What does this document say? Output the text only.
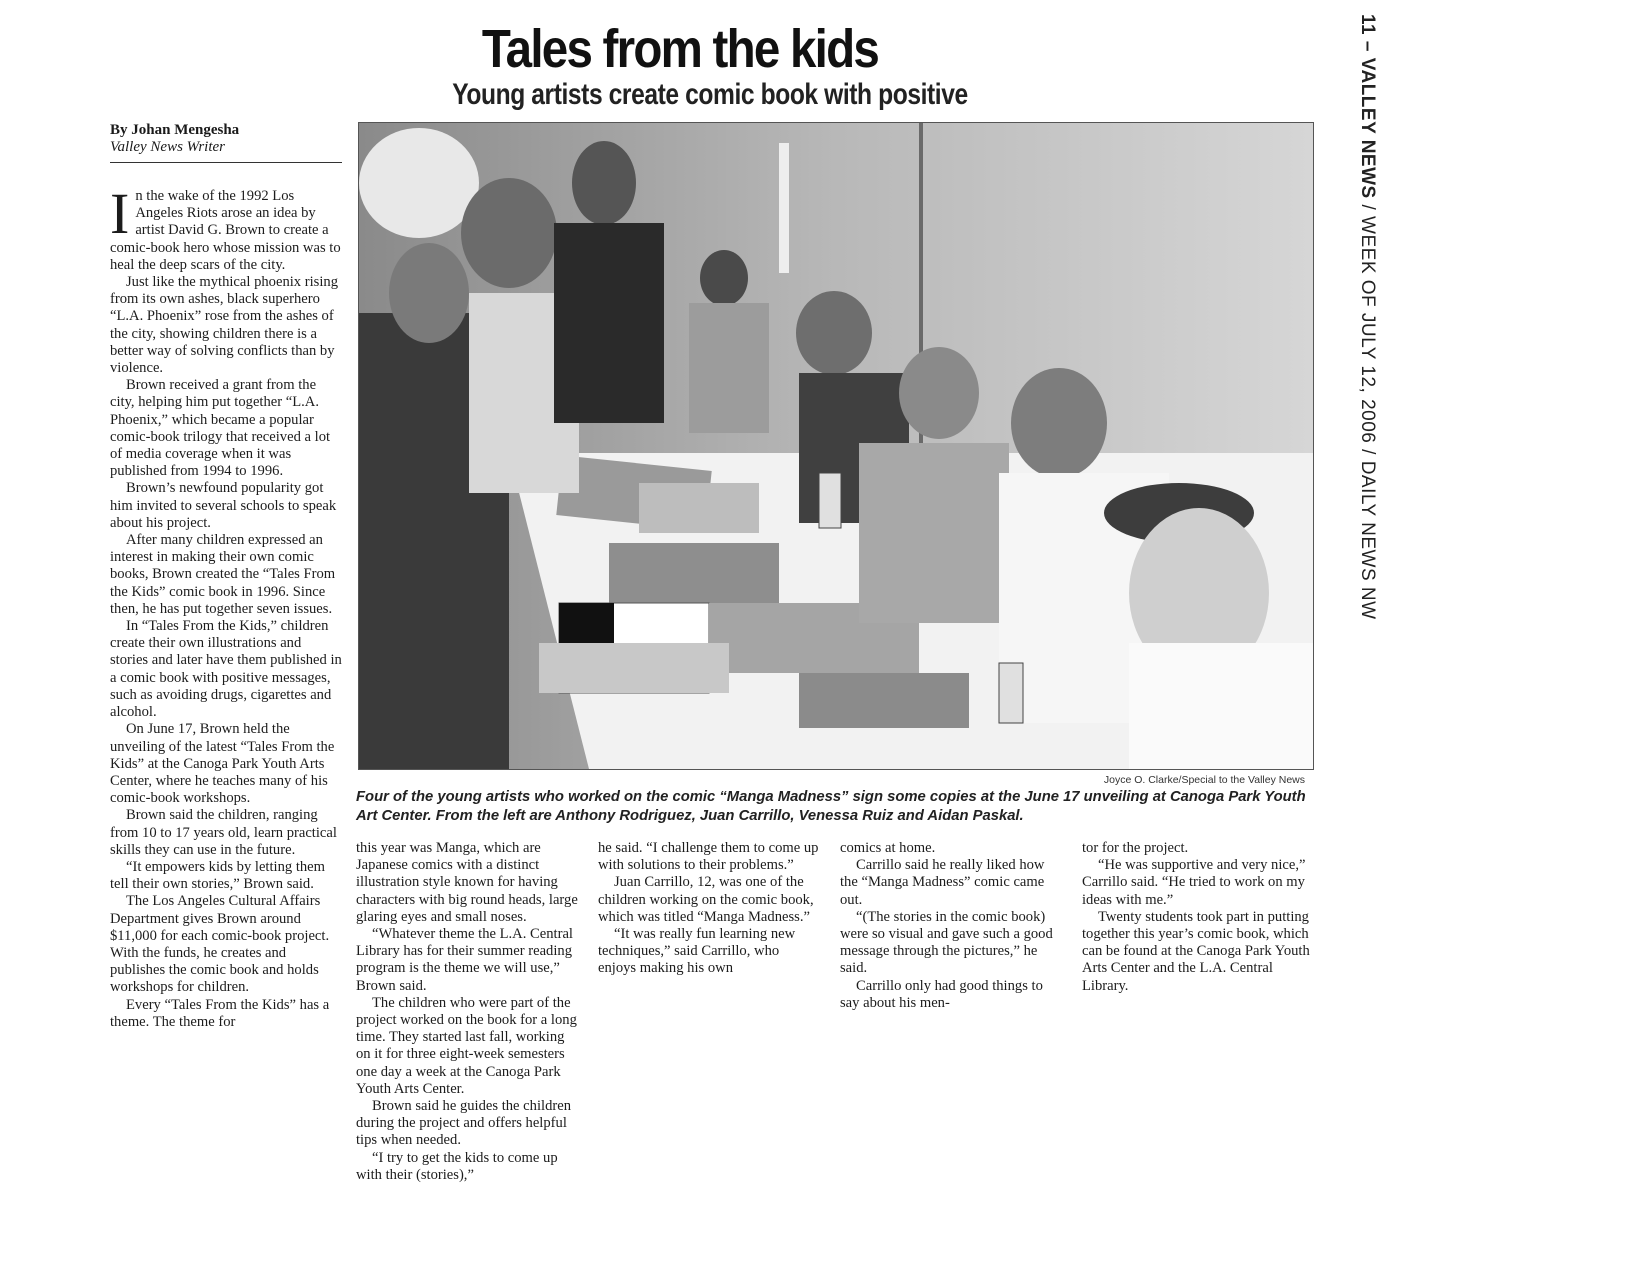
Tales from the kids
Young artists create comic book with positive
By Johan Mengesha
Valley News Writer

In the wake of the 1992 Los Angeles Riots arose an idea by artist David G. Brown to create a comic-book hero whose mission was to heal the deep scars of the city.

Just like the mythical phoenix rising from its own ashes, black superhero “L.A. Phoenix” rose from the ashes of the city, showing children there is a better way of solving conflicts than by violence.

Brown received a grant from the city, helping him put together “L.A. Phoenix,” which became a popular comic-book trilogy that received a lot of media coverage when it was published from 1994 to 1996.

Brown’s newfound popularity got him invited to several schools to speak about his project.

After many children expressed an interest in making their own comic books, Brown created the “Tales From the Kids” comic book in 1996. Since then, he has put together seven issues.

In “Tales From the Kids,” children create their own illustrations and stories and later have them published in a comic book with positive messages, such as avoiding drugs, cigarettes and alcohol.

On June 17, Brown held the unveiling of the latest “Tales From the Kids” at the Canoga Park Youth Arts Center, where he teaches many of his comic-book workshops.

Brown said the children, ranging from 10 to 17 years old, learn practical skills they can use in the future.

“It empowers kids by letting them tell their own stories,” Brown said.

The Los Angeles Cultural Affairs Department gives Brown around $11,000 for each comic-book project. With the funds, he creates and publishes the comic book and holds workshops for children.

Every “Tales From the Kids” has a theme. The theme for

this year was Manga, which are Japanese comics with a distinct illustration style known for having characters with big round heads, large glaring eyes and small noses.

“Whatever theme the L.A. Central Library has for their summer reading program is the theme we will use,” Brown said.

The children who were part of the project worked on the book for a long time. They started last fall, working on it for three eight-week semesters one day a week at the Canoga Park Youth Arts Center.

Brown said he guides the children during the project and offers helpful tips when needed.

“I try to get the kids to come up with their (stories),”

he said. “I challenge them to come up with solutions to their problems.”

Juan Carrillo, 12, was one of the children working on the comic book, which was titled “Manga Madness.”

“It was really fun learning new techniques,” said Carrillo, who enjoys making his own

comics at home.

Carrillo said he really liked how the “Manga Madness” comic came out.

“(The stories in the comic book) were so visual and gave such a good message through the pictures,” he said.

Carrillo only had good things to say about his men-

tor for the project.

“He was supportive and very nice,” Carrillo said. “He tried to work on my ideas with me.”

Twenty students took part in putting together this year’s comic book, which can be found at the Canoga Park Youth Arts Center and the L.A. Central Library.

Joyce O. Clarke/Special to the Valley News

Four of the young artists who worked on the comic “Manga Madness” sign some copies at the June 17 unveiling at Canoga Park Youth Art Center. From the left are Anthony Rodriguez, Juan Carrillo, Venessa Ruiz and Aidan Paskal.

11 – VALLEY NEWS / WEEK OF JULY 12, 2006 / DAILY NEWS NW
